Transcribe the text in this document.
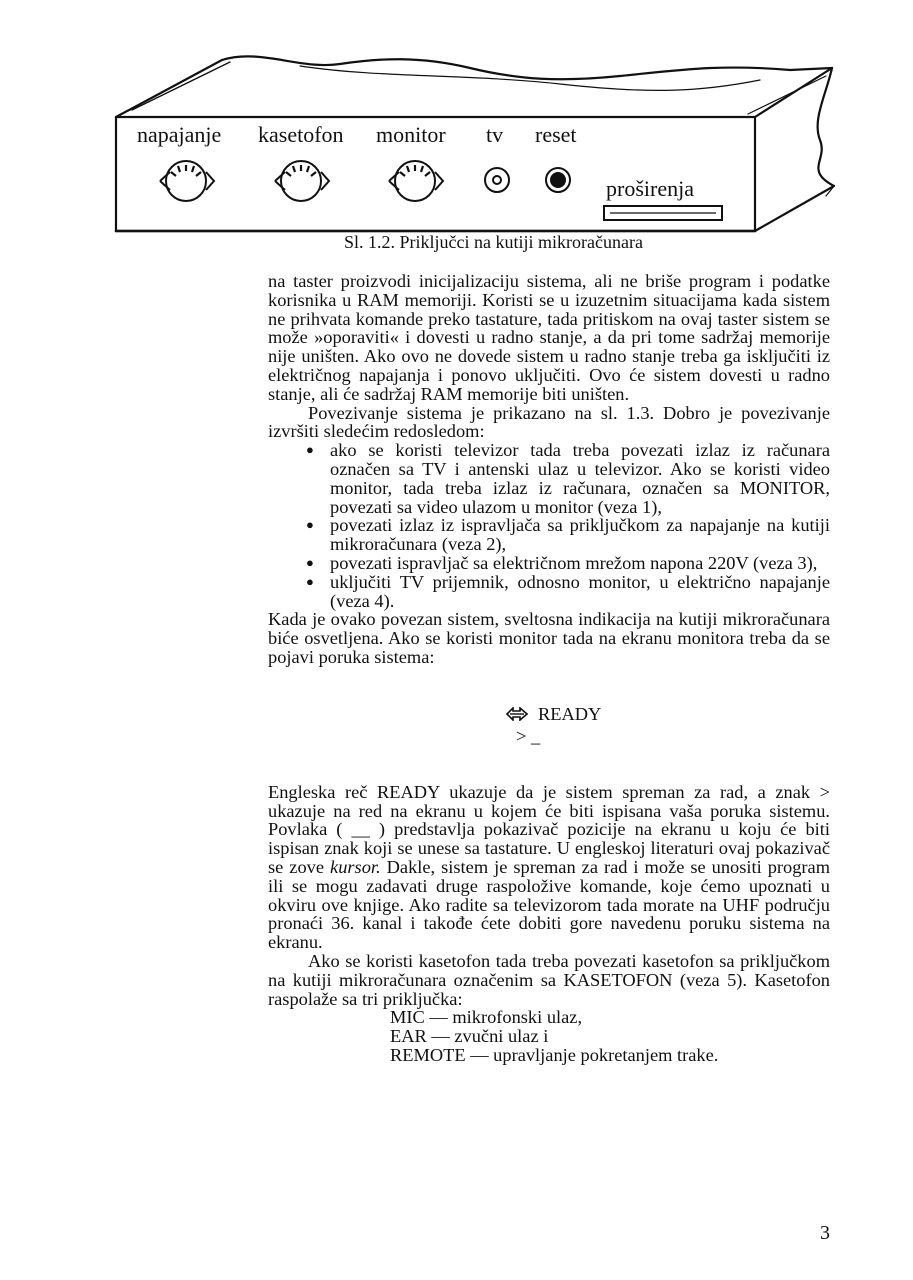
napajanje kasetofon monitor tv reset
proširenja
Sl. 1.2. Priključci na kutiji mikroračunara

na taster proizvodi inicijalizaciju sistema, ali ne briše program i podatke korisnika u RAM memoriji. Koristi se u izuzetnim situacijama kada sistem ne prihvata komande preko tastature, tada pritiskom na ovaj taster sistem se može »oporaviti« i dovesti u radno stanje, a da pri tome sadržaj memorije nije uništen. Ako ovo ne dovede sistem u radno stanje treba ga isključiti iz električnog napajanja i ponovo uključiti. Ovo će sistem dovesti u radno stanje, ali će sadržaj RAM memorije biti uništen.

Povezivanje sistema je prikazano na sl. 1.3. Dobro je povezivanje izvršiti sledećim redosledom:

● ako se koristi televizor tada treba povezati izlaz iz računara označen sa TV i antenski ulaz u televizor. Ako se koristi video monitor, tada treba izlaz iz računara, označen sa MONITOR, povezati sa video ulazom u monitor (veza 1),
● povezati izlaz iz ispravljača sa priključkom za napajanje na kutiji mikroračunara (veza 2),
● povezati ispravljač sa električnom mrežom napona 220V (veza 3),
● uključiti TV prijemnik, odnosno monitor, u električno napajanje (veza 4).

Kada je ovako povezan sistem, sveltosna indikacija na kutiji mikroračunara biće osvetljena. Ako se koristi monitor tada na ekranu monitora treba da se pojavi poruka sistema:

READY
> _

Engleska reč READY ukazuje da je sistem spreman za rad, a znak > ukazuje na red na ekranu u kojem će biti ispisana vaša poruka sistemu. Povlaka ( __ ) predstavlja pokazivač pozicije na ekranu u koju će biti ispisan znak koji se unese sa tastature. U engleskoj literaturi ovaj pokazivač se zove kursor. Dakle, sistem je spreman za rad i može se unositi program ili se mogu zadavati druge raspoložive komande, koje ćemo upoznati u okviru ove knjige. Ako radite sa televizorom tada morate na UHF području pronaći 36. kanal i takođe ćete dobiti gore navedenu poruku sistema na ekranu.

Ako se koristi kasetofon tada treba povezati kasetofon sa priključkom na kutiji mikroračunara označenim sa KASETOFON (veza 5). Kasetofon raspolaže sa tri priključka:

MIC — mikrofonski ulaz,
EAR — zvučni ulaz i
REMOTE — upravljanje pokretanjem trake.
3
